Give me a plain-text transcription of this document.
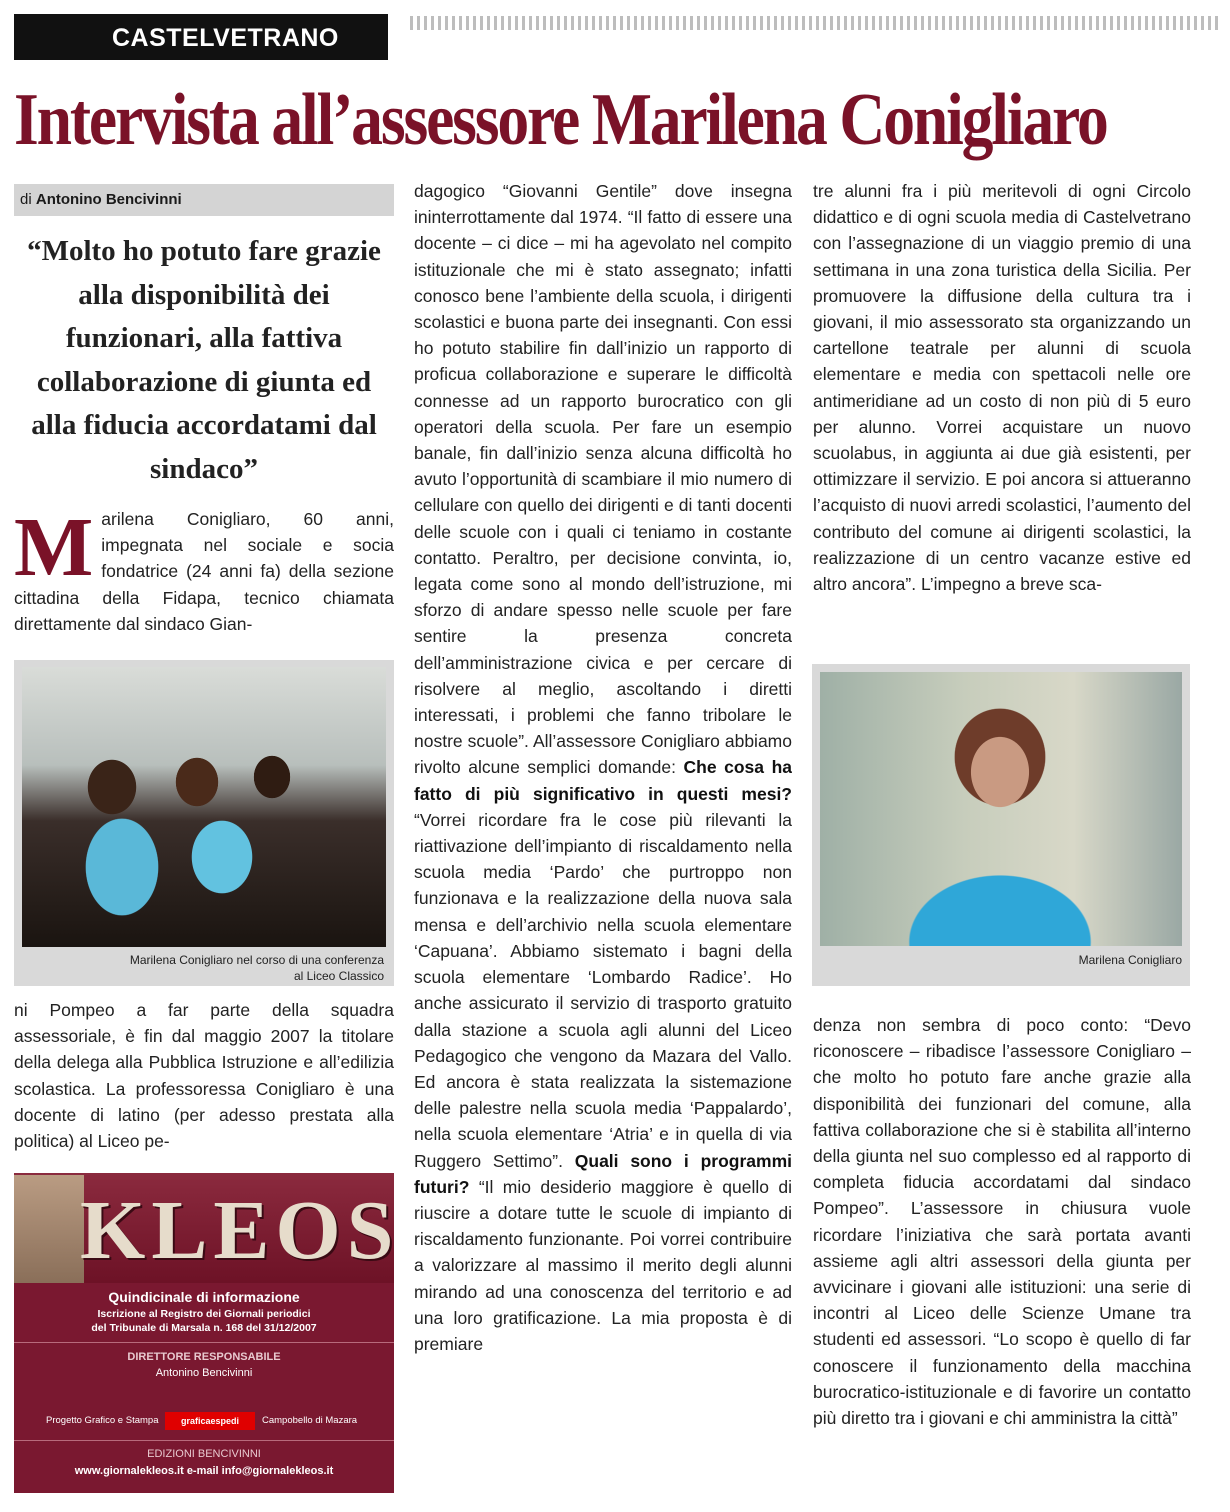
CASTELVETRANO
Intervista all’assessore Marilena Conigliaro
di Antonino Bencivinni
“Molto ho potuto fare grazie alla disponibilità dei funzionari, alla fattiva collaborazione di giunta ed alla fiducia accordatami dal sindaco”
Marilena Conigliaro, 60 anni, impegnata nel sociale e socia fondatrice (24 anni fa) della sezione cittadina della Fidapa, tecnico chiamata direttamente dal sindaco Gian-
Marilena Conigliaro nel corso di una conferenza
al Liceo Classico
ni Pompeo a far parte della squadra assessoriale, è fin dal maggio 2007 la titolare della delega alla Pubblica Istruzione e all’edilizia scolastica. La professoressa Conigliaro è una docente di latino (per adesso prestata alla politica) al Liceo pe-
dagogico “Giovanni Gentile” dove insegna ininterrottamente dal 1974. “Il fatto di essere una docente – ci dice – mi ha agevolato nel compito istituzionale che mi è stato assegnato; infatti conosco bene l’ambiente della scuola, i dirigenti scolastici e buona parte dei insegnanti. Con essi ho potuto stabilire fin dall’inizio un rapporto di proficua collaborazione e superare le difficoltà connesse ad un rapporto burocratico con gli operatori della scuola. Per fare un esempio banale, fin dall’inizio senza alcuna difficoltà ho avuto l’opportunità di scambiare il mio numero di cellulare con quello dei dirigenti e di tanti docenti delle scuole con i quali ci teniamo in costante contatto. Peraltro, per decisione convinta, io, legata come sono al mondo dell’istruzione, mi sforzo di andare spesso nelle scuole per fare sentire la presenza concreta dell’amministrazione civica e per cercare di risolvere al meglio, ascoltando i diretti interessati, i problemi che fanno tribolare le nostre scuole”. All’assessore Conigliaro abbiamo rivolto alcune semplici domande: Che cosa ha fatto di più significativo in questi mesi? “Vorrei ricordare fra le cose più rilevanti la riattivazione dell’impianto di riscaldamento nella scuola media ‘Pardo’ che purtroppo non funzionava e la realizzazione della nuova sala mensa e dell’archivio nella scuola elementare ‘Capuana’. Abbiamo sistemato i bagni della scuola elementare ‘Lombardo Radice’. Ho anche assicurato il servizio di trasporto gratuito dalla stazione a scuola agli alunni del Liceo Pedagogico che vengono da Mazara del Vallo. Ed ancora è stata realizzata la sistemazione delle palestre nella scuola media ‘Pappalardo’, nella scuola elementare ‘Atria’ e in quella di via Ruggero Settimo”. Quali sono i programmi futuri? “Il mio desiderio maggiore è quello di riuscire a dotare tutte le scuole di impianto di riscaldamento funzionante. Poi vorrei contribuire a valorizzare al massimo il merito degli alunni mirando ad una conoscenza del territorio e ad una loro gratificazione. La mia proposta è di premiare
tre alunni fra i più meritevoli di ogni Circolo didattico e di ogni scuola media di Castelvetrano con l’assegnazione di un viaggio premio di una settimana in una zona turistica della Sicilia. Per promuovere la diffusione della cultura tra i giovani, il mio assessorato sta organizzando un cartellone teatrale per alunni di scuola elementare e media con spettacoli nelle ore antimeridiane ad un costo di non più di 5 euro per alunno. Vorrei acquistare un nuovo scuolabus, in aggiunta ai due già esistenti, per ottimizzare il servizio. E poi ancora si attueranno l’acquisto di nuovi arredi scolastici, l’aumento del contributo del comune ai dirigenti scolastici, la realizzazione di un centro vacanze estive ed altro ancora”. L’impegno a breve sca-
Marilena Conigliaro
denza non sembra di poco conto: “Devo riconoscere – ribadisce l’assessore Conigliaro – che molto ho potuto fare anche grazie alla disponibilità dei funzionari del comune, alla fattiva collaborazione che si è stabilita all’interno della giunta nel suo complesso ed al rapporto di completa fiducia accordatami dal sindaco Pompeo”. L’assessore in chiusura vuole ricordare l’iniziativa che sarà portata avanti assieme agli altri assessori della giunta per avvicinare i giovani alle istituzioni: una serie di incontri al Liceo delle Scienze Umane tra studenti ed assessori. “Lo scopo è quello di far conoscere il funzionamento della macchina burocratico-istituzionale e di favorire un contatto più diretto tra i giovani e chi amministra la città”
KLEOS
Quindicinale di informazione
Iscrizione al Registro dei Giornali periodici
del Tribunale di Marsala n. 168 del 31/12/2007
DIRETTORE RESPONSABILE
Antonino Bencivinni
Progetto Grafico e Stampa	graficaespedi	Campobello di Mazara
EDIZIONI BENCIVINNI
www.giornalekleos.it e-mail info@giornalekleos.it
